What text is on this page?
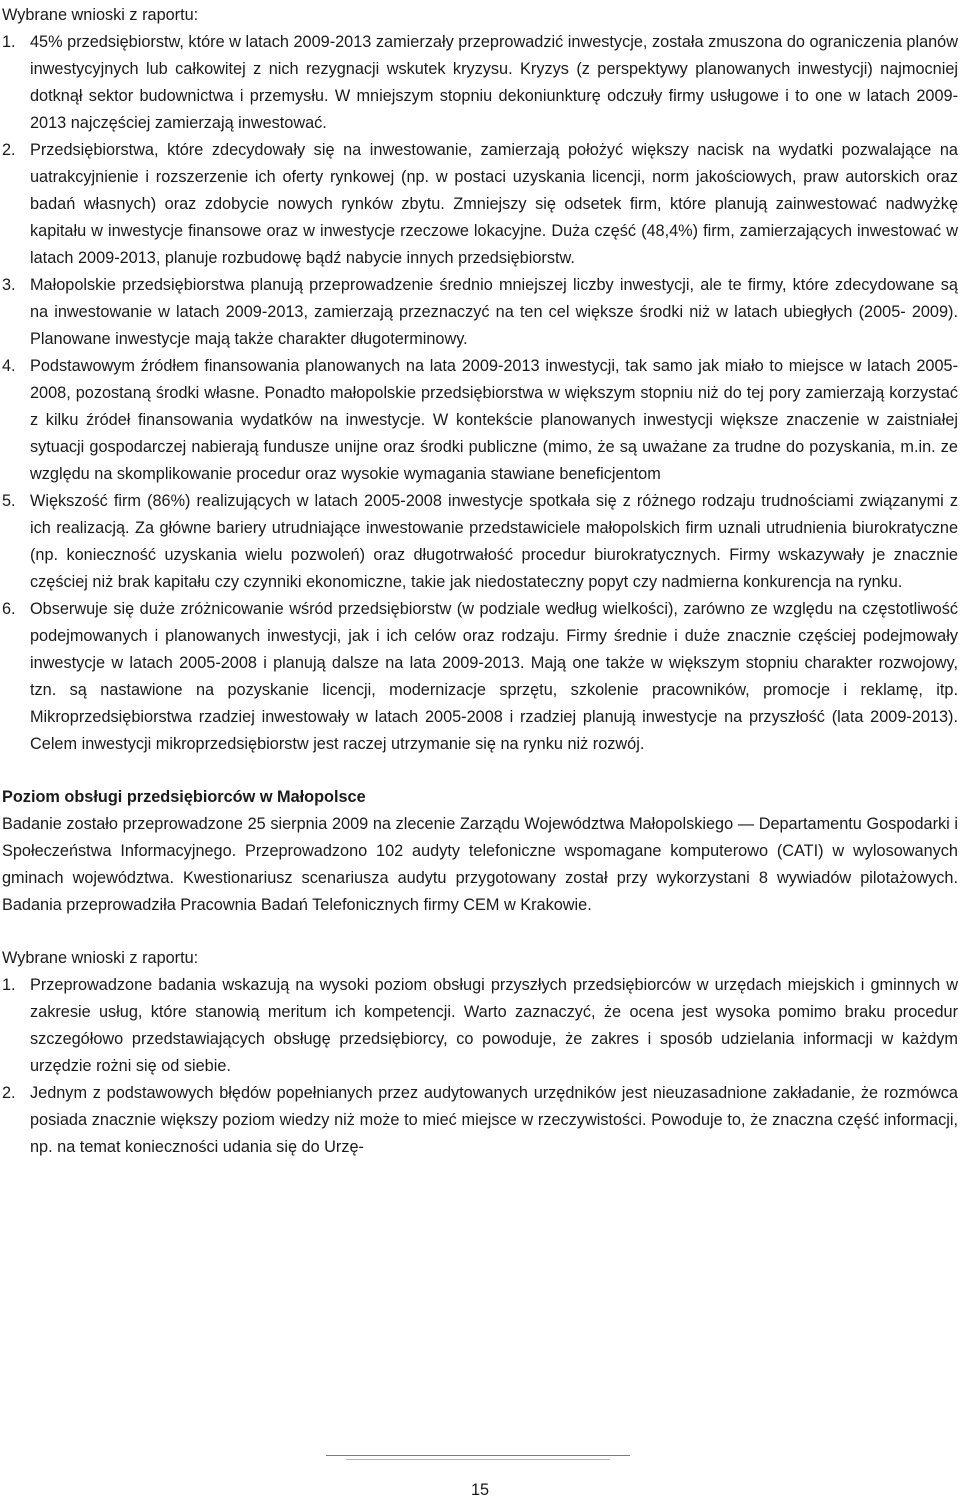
Wybrane wnioski z raportu:

1. 45% przedsiębiorstw, które w latach 2009-2013 zamierzały przeprowadzić inwestycje, została zmuszona do ograniczenia planów inwestycyjnych lub całkowitej z nich rezygnacji wskutek kryzysu. Kryzys (z perspektywy planowanych inwestycji) najmocniej dotknął sektor budownictwa i przemysłu. W mniejszym stopniu dekoniunkturę odczuły firmy usługowe i to one w latach 2009-2013 najczęściej zamierzają inwestować.
2. Przedsiębiorstwa, które zdecydowały się na inwestowanie, zamierzają położyć większy nacisk na wydatki pozwalające na uatrakcyjnienie i rozszerzenie ich oferty rynkowej (np. w postaci uzyskania licencji, norm jakościowych, praw autorskich oraz badań własnych) oraz zdobycie nowych rynków zbytu. Zmniejszy się odsetek firm, które planują zainwestować nadwyżkę kapitału w inwestycje finansowe oraz w inwestycje rzeczowe lokacyjne. Duża część (48,4%) firm, zamierzających inwestować w latach 2009-2013, planuje rozbudowę bądź nabycie innych przedsiębiorstw.
3. Małopolskie przedsiębiorstwa planują przeprowadzenie średnio mniejszej liczby inwestycji, ale te firmy, które zdecydowane są na inwestowanie w latach 2009-2013, zamierzają przeznaczyć na ten cel większe środki niż w latach ubiegłych (2005- 2009). Planowane inwestycje mają także charakter długoterminowy.
4. Podstawowym źródłem finansowania planowanych na lata 2009-2013 inwestycji, tak samo jak miało to miejsce w latach 2005-2008, pozostaną środki własne. Ponadto małopolskie przedsiębiorstwa w większym stopniu niż do tej pory zamierzają korzystać z kilku źródeł finansowania wydatków na inwestycje. W kontekście planowanych inwestycji większe znaczenie w zaistniałej sytuacji gospodarczej nabierają fundusze unijne oraz środki publiczne (mimo, że są uważane za trudne do pozyskania, m.in. ze względu na skomplikowanie procedur oraz wysokie wymagania stawiane beneficjentom
5. Większość firm (86%) realizujących w latach 2005-2008 inwestycje spotkała się z różnego rodzaju trudnościami związanymi z ich realizacją. Za główne bariery utrudniające inwestowanie przedstawiciele małopolskich firm uznali utrudnienia biurokratyczne (np. konieczność uzyskania wielu pozwoleń) oraz długotrwałość procedur biurokratycznych. Firmy wskazywały je znacznie częściej niż brak kapitału czy czynniki ekonomiczne, takie jak niedostateczny popyt czy nadmierna konkurencja na rynku.
6. Obserwuje się duże zróżnicowanie wśród przedsiębiorstw (w podziale według wielkości), zarówno ze względu na częstotliwość podejmowanych i planowanych inwestycji, jak i ich celów oraz rodzaju. Firmy średnie i duże znacznie częściej podejmowały inwestycje w latach 2005-2008 i planują dalsze na lata 2009-2013. Mają one także w większym stopniu charakter rozwojowy, tzn. są nastawione na pozyskanie licencji, modernizacje sprzętu, szkolenie pracowników, promocje i reklamę, itp. Mikroprzedsiębiorstwa rzadziej inwestowały w latach 2005-2008 i rzadziej planują inwestycje na przyszłość (lata 2009-2013). Celem inwestycji mikroprzedsiębiorstw jest raczej utrzymanie się na rynku niż rozwój.
Poziom obsługi przedsiębiorców w Małopolsce

Badanie zostało przeprowadzone 25 sierpnia 2009 na zlecenie Zarządu Województwa Małopolskiego — Departamentu Gospodarki i Społeczeństwa Informacyjnego. Przeprowadzono 102 audyty telefoniczne wspomagane komputerowo (CATI) w wylosowanych gminach województwa. Kwestionariusz scenariusza audytu przygotowany został przy wykorzystani 8 wywiadów pilotażowych. Badania przeprowadziła Pracownia Badań Telefonicznych firmy CEM w Krakowie.

Wybrane wnioski z raportu:

1. Przeprowadzone badania wskazują na wysoki poziom obsługi przyszłych przedsiębiorców w urzędach miejskich i gminnych w zakresie usług, które stanowią meritum ich kompetencji. Warto zaznaczyć, że ocena jest wysoka pomimo braku procedur szczegółowo przedstawiających obsługę przedsiębiorcy, co powoduje, że zakres i sposób udzielania informacji w każdym urzędzie rożni się od siebie.
2. Jednym z podstawowych błędów popełnianych przez audytowanych urzędników jest nieuzasadnione zakładanie, że rozmówca posiada znacznie większy poziom wiedzy niż może to mieć miejsce w rzeczywistości. Powoduje to, że znaczna część informacji, np. na temat konieczności udania się do Urzę-
15
